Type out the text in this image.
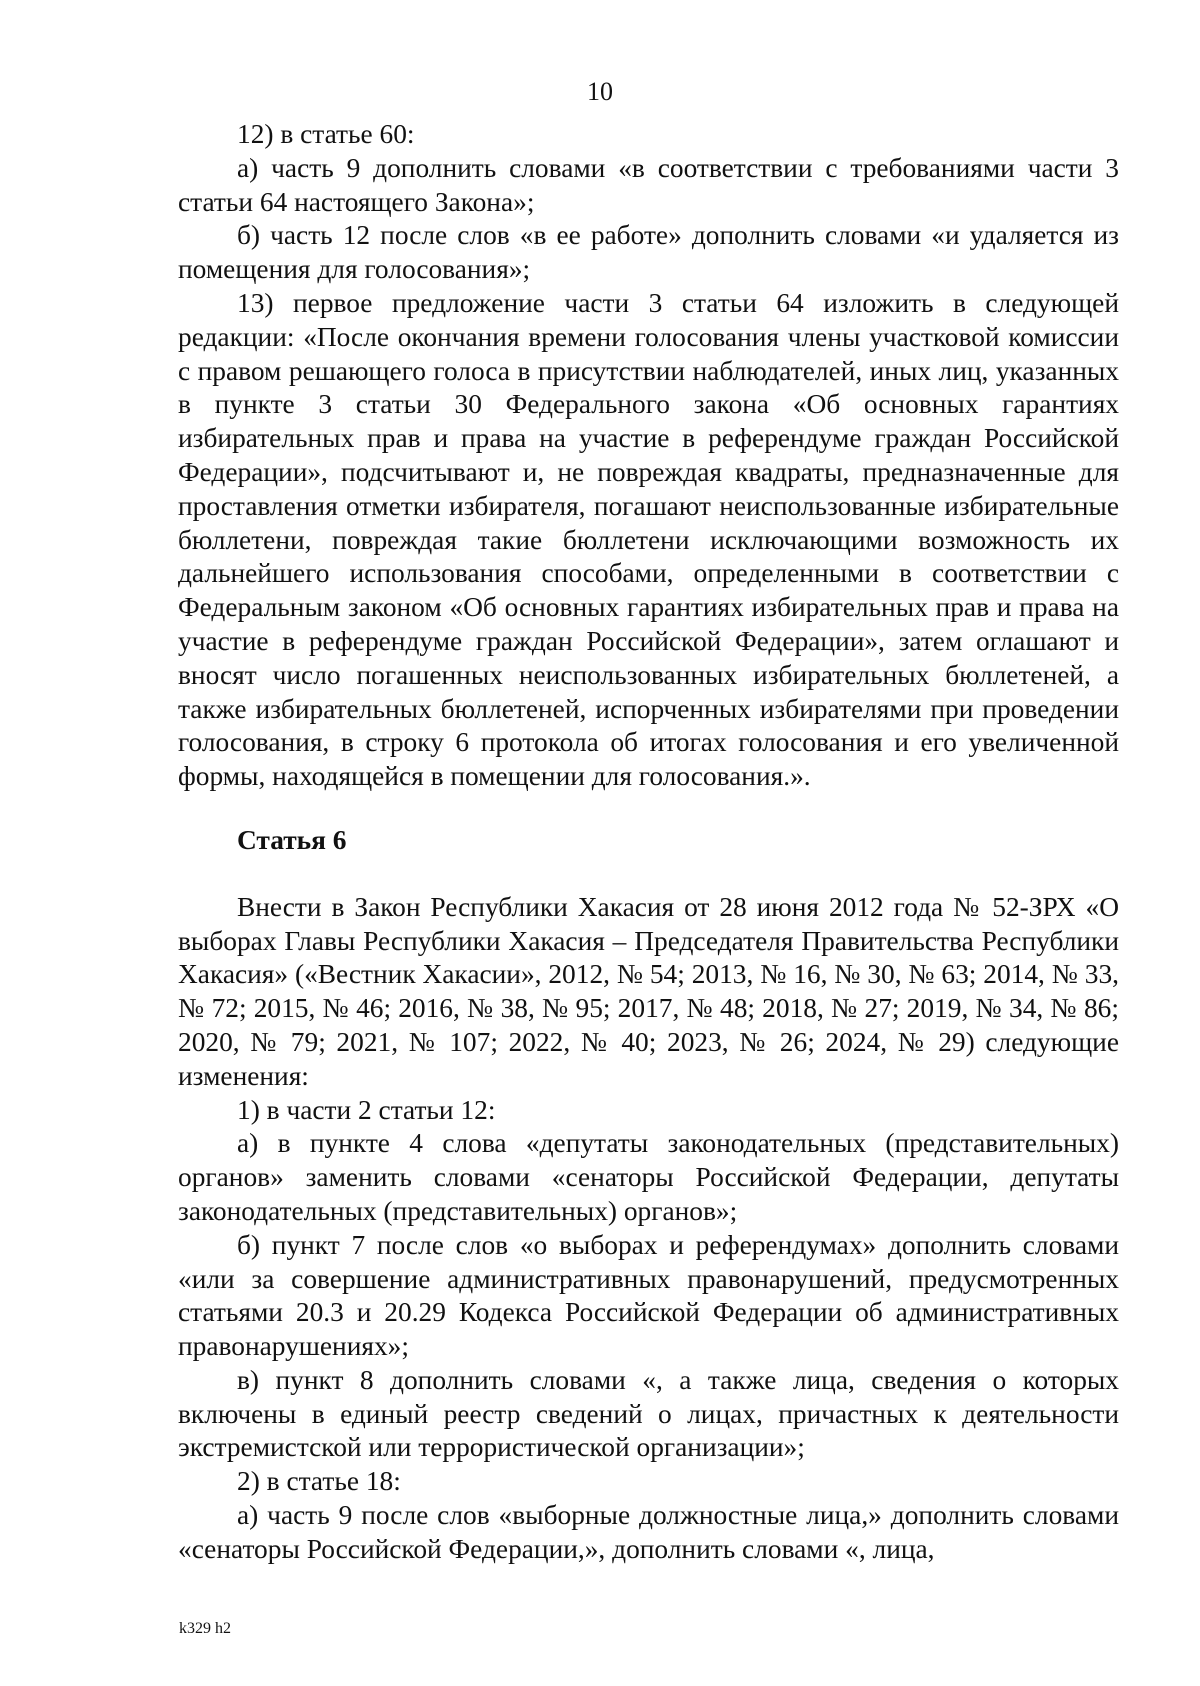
10

12) в статье 60:

а) часть 9 дополнить словами «в соответствии с требованиями части 3 статьи 64 настоящего Закона»;

б) часть 12 после слов «в ее работе» дополнить словами «и удаляется из помещения для голосования»;

13) первое предложение части 3 статьи 64 изложить в следующей редакции: «После окончания времени голосования члены участковой комиссии с правом решающего голоса в присутствии наблюдателей, иных лиц, указанных в пункте 3 статьи 30 Федерального закона «Об основных гарантиях избирательных прав и права на участие в референдуме граждан Российской Федерации», подсчитывают и, не повреждая квадраты, предназначенные для проставления отметки избирателя, погашают неиспользованные избирательные бюллетени, повреждая такие бюллетени исключающими возможность их дальнейшего использования способами, определенными в соответствии с Федеральным законом «Об основных гарантиях избирательных прав и права на участие в референдуме граждан Российской Федерации», затем оглашают и вносят число погашенных неиспользованных избирательных бюллетеней, а также избирательных бюллетеней, испорченных избирателями при проведении голосования, в строку 6 протокола об итогах голосования и его увеличенной формы, находящейся в помещении для голосования.».

Статья 6

Внести в Закон Республики Хакасия от 28 июня 2012 года № 52-ЗРХ «О выборах Главы Республики Хакасия – Председателя Правительства Республики Хакасия» («Вестник Хакасии», 2012, № 54; 2013, № 16, № 30, № 63; 2014, № 33, № 72; 2015, № 46; 2016, № 38, № 95; 2017, № 48; 2018, № 27; 2019, № 34, № 86; 2020, № 79; 2021, № 107; 2022, № 40; 2023, № 26; 2024, № 29) следующие изменения:

1) в части 2 статьи 12:

а) в пункте 4 слова «депутаты законодательных (представительных) органов» заменить словами «сенаторы Российской Федерации, депутаты законодательных (представительных) органов»;

б) пункт 7 после слов «о выборах и референдумах» дополнить словами «или за совершение административных правонарушений, предусмотренных статьями 20.3 и 20.29 Кодекса Российской Федерации об административных правонарушениях»;

в) пункт 8 дополнить словами «, а также лица, сведения о которых включены в единый реестр сведений о лицах, причастных к деятельности экстремистской или террористической организации»;

2) в статье 18:

а) часть 9 после слов «выборные должностные лица,» дополнить словами «сенаторы Российской Федерации,», дополнить словами «, лица,

k329 h2
